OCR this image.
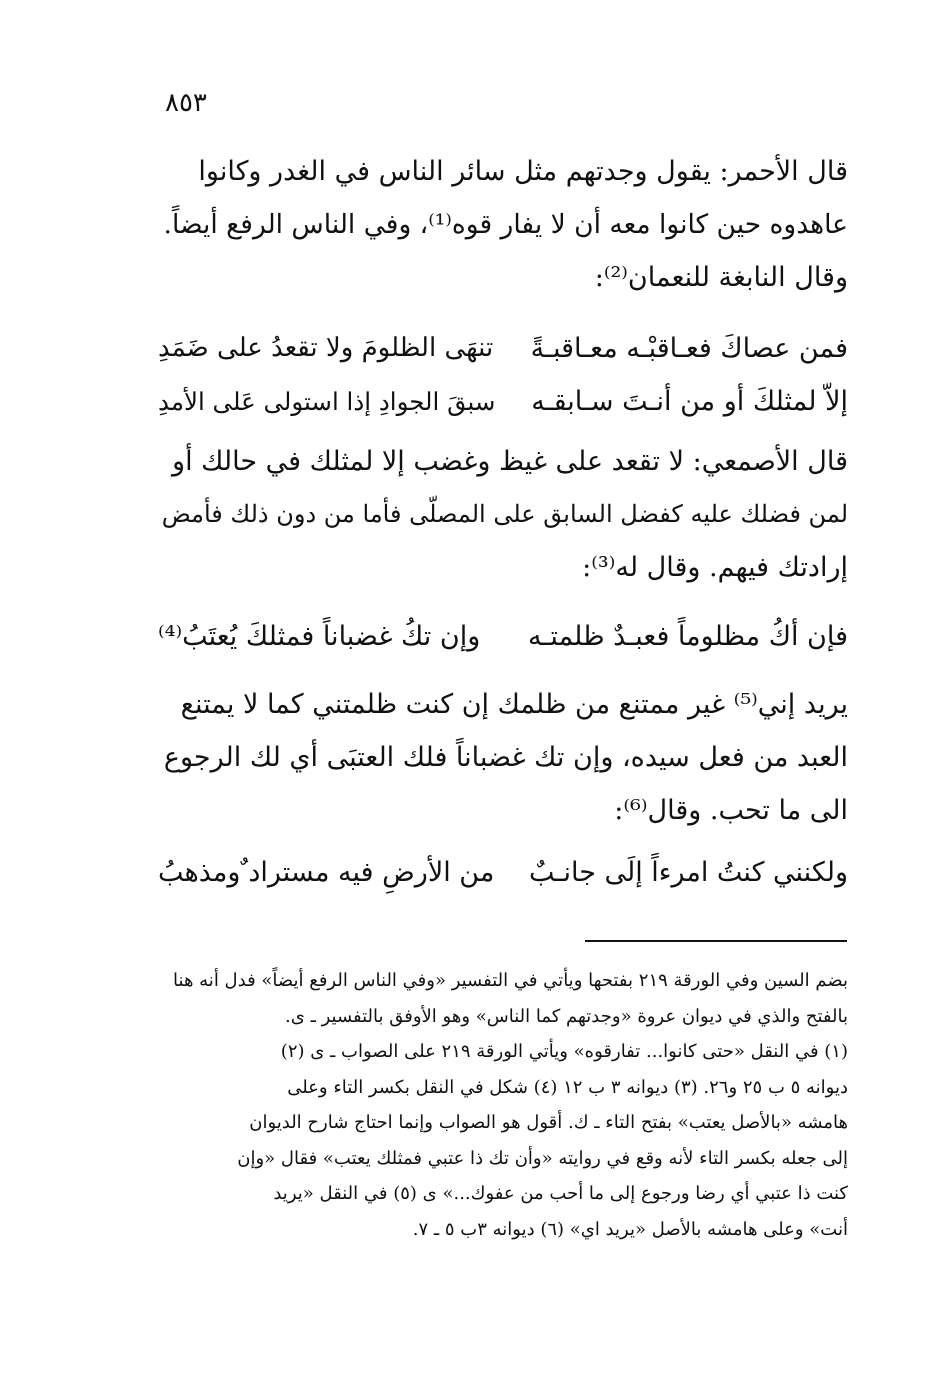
٨٥٣
قال الأحمر: يقول وجدتهم مثل سائر الناس في الغدر وكانوا
عاهدوه حين كانوا معه أن لا يفار قوه⁽¹⁾، وفي الناس الرفع أيضاً.
وقال النابغة للنعمان⁽²⁾:
فمن عصاكَ فعـاقبْـه معـاقبـةً
تنهَى الظلومَ ولا تقعدُ على ضَمَدِ
إلاّ لمثلكَ أو من أنـتَ سـابقـه
سبقَ الجوادِ إذا استولى عَلى الأمدِ
قال الأصمعي: لا تقعد على غيظ وغضب إلا لمثلك في حالك أو
لمن فضلك عليه كفضل السابق على المصلّى فأما من دون ذلك فأمض
إرادتك فيهم. وقال له⁽³⁾:
فإن أكُ مظلوماً فعبـدٌ ظلمتـه
وإن تكُ غضباناً فمثلكَ يُعتَبُ⁽⁴⁾
يريد إني⁽⁵⁾ غير ممتنع من ظلمك إن كنت ظلمتني كما لا يمتنع
العبد من فعل سيده، وإن تك غضباناً فلك العتبَى أي لك الرجوع
الى ما تحب. وقال⁽⁶⁾:
ولكنني كنتُ امرءاً إلَى جانـبٌ
من الأرضِ فيه مستراد ٌومذهبُ
بضم السين وفي الورقة ٢١٩ بفتحها ويأتي في التفسير «وفي الناس الرفع أيضاً» فدل أنه هنا
بالفتح والذي في ديوان عروة «وجدتهم كما الناس» وهو الأوفق بالتفسير ـ ى.
(١) في النقل «حتى كانوا... تفارقوه» ويأتي الورقة ٢١٩ على الصواب ـ ى (٢)
ديوانه ٥ ب ٢٥ و٢٦. (٣) ديوانه ٣ ب ١٢ (٤) شكل في النقل بكسر التاء وعلى
هامشه «بالأصل يعتب» بفتح التاء ـ ك. أقول هو الصواب وإنما احتاج شارح الديوان
إلى جعله بكسر التاء لأنه وقع في روايته «وأن تك ذا عتبي فمثلك يعتب» فقال «وإن
كنت ذا عتبي أي رضا ورجوع إلى ما أحب من عفوك...» ى (٥) في النقل «يريد
أنت» وعلى هامشه بالأصل «يريد اي» (٦) ديوانه ٣ب ٥ ـ ٧.
